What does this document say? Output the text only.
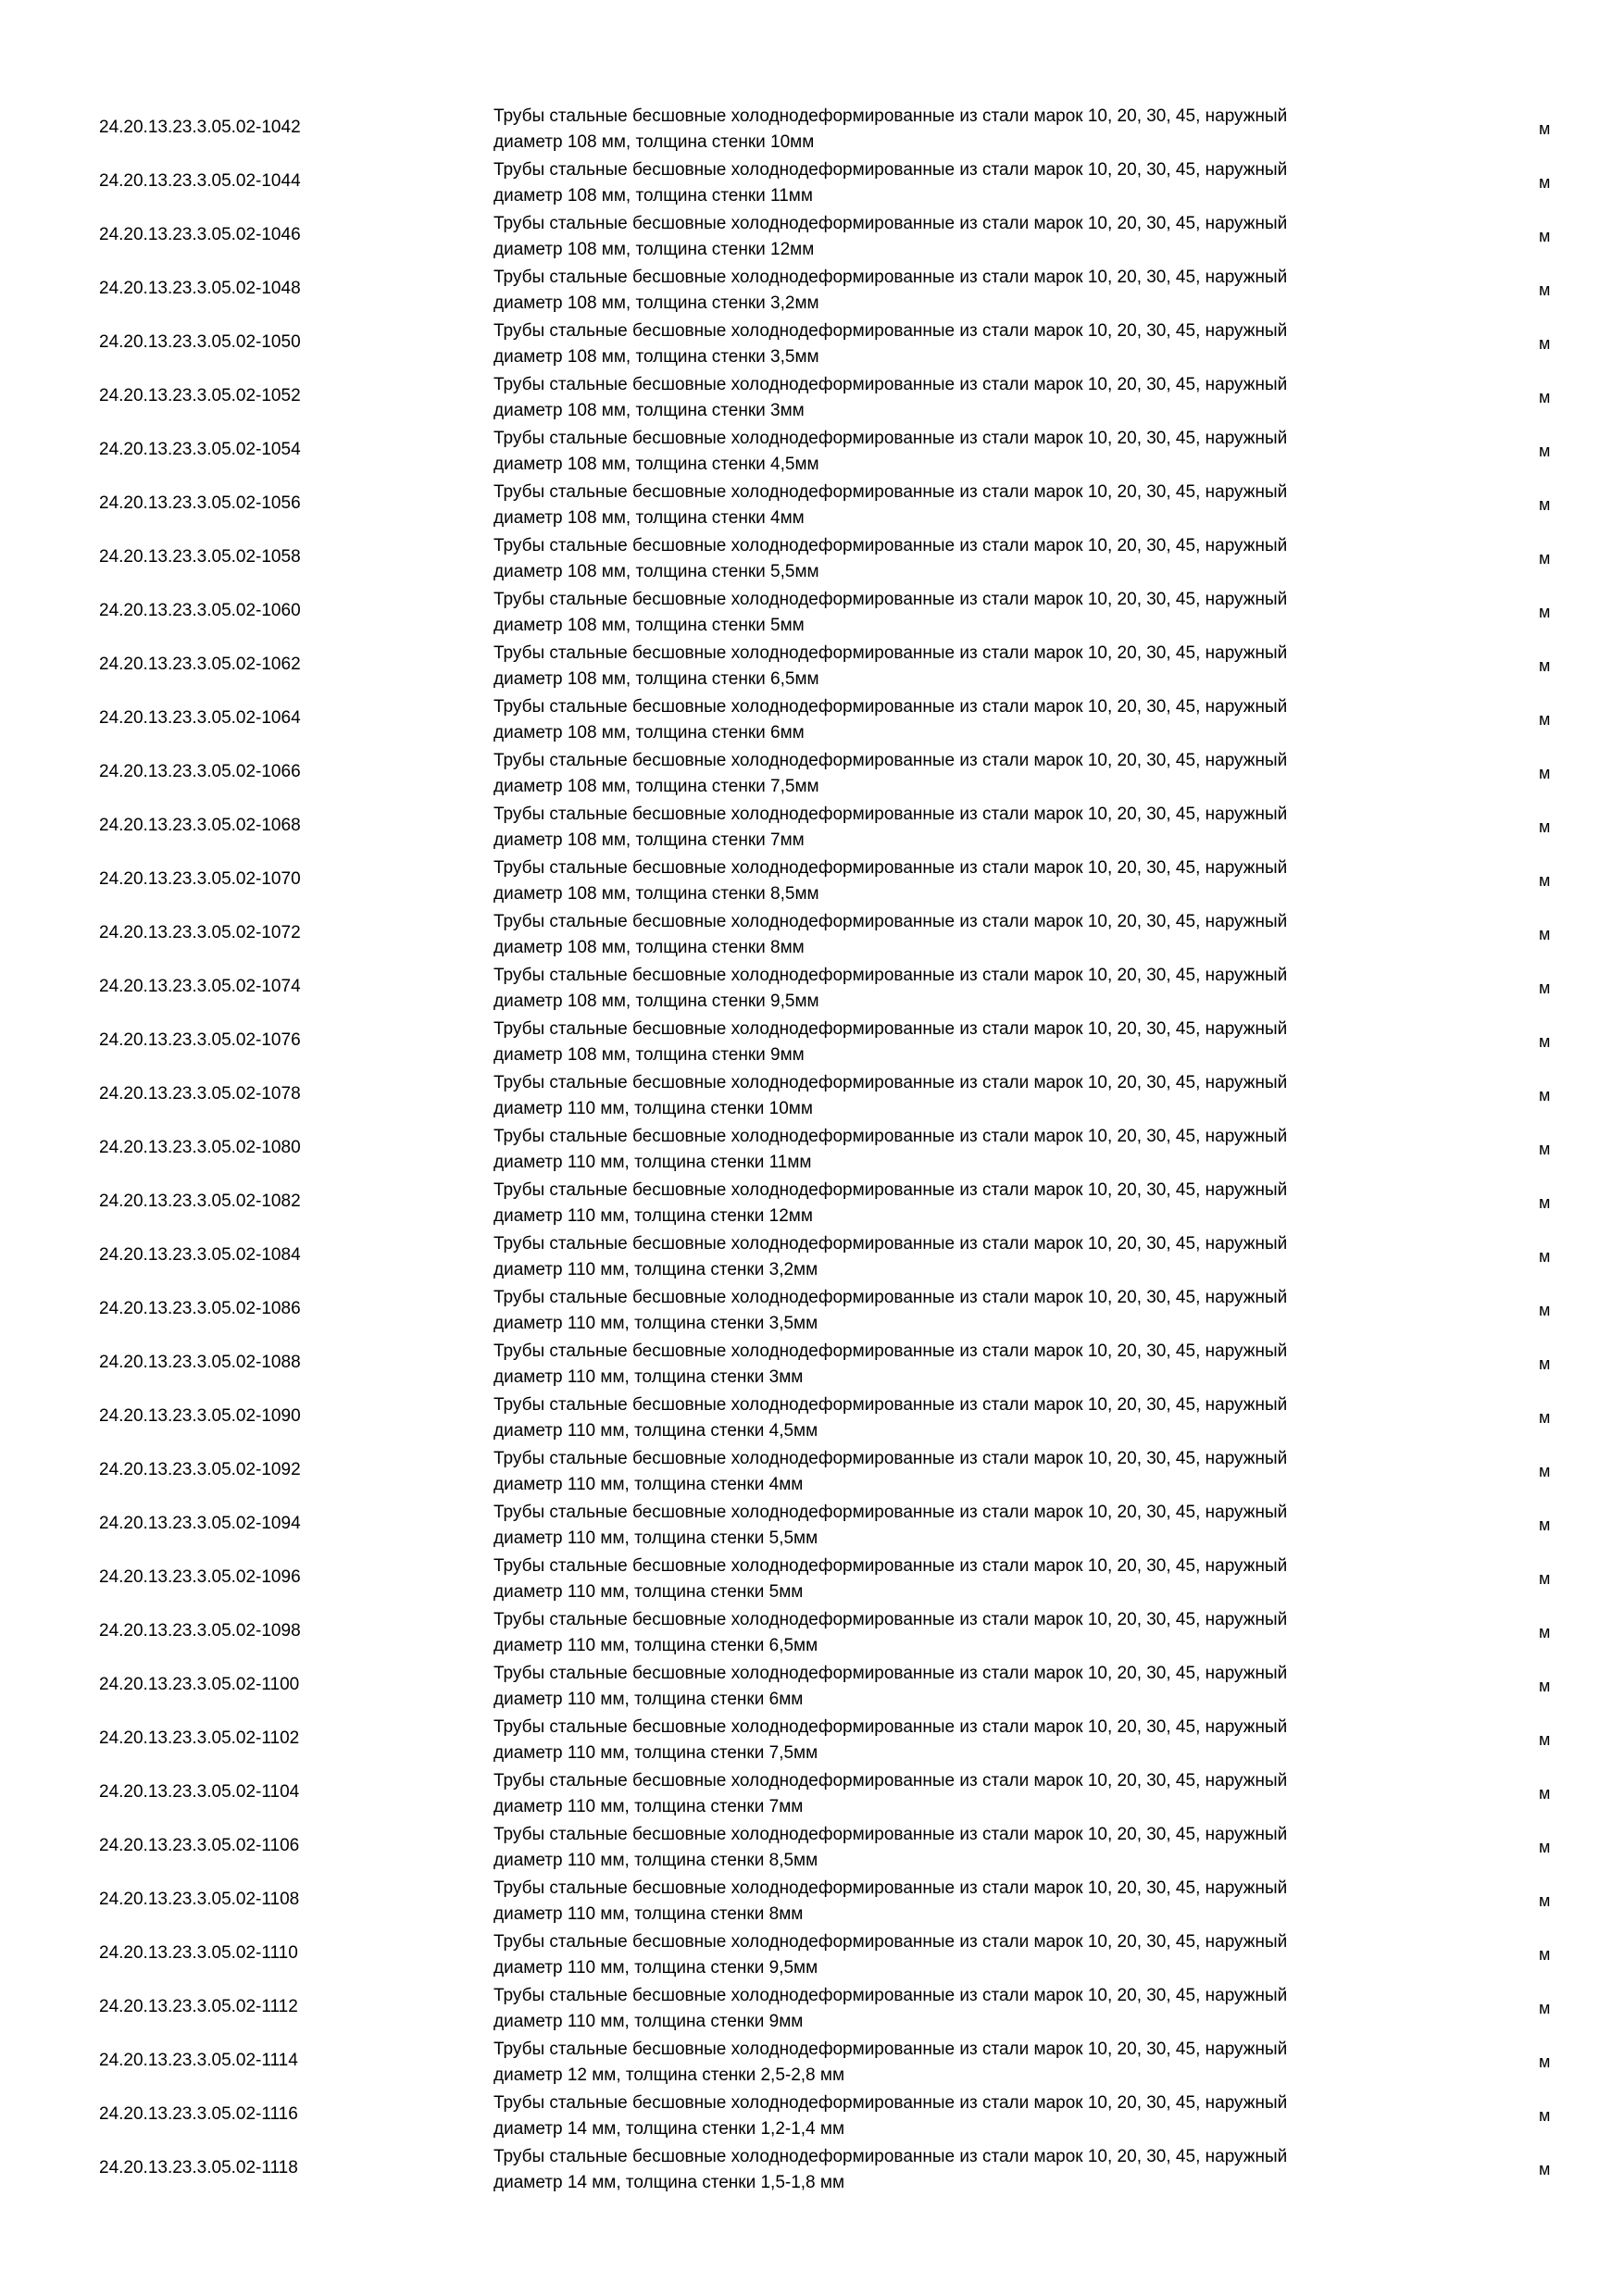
24.20.13.23.3.05.02-1042
Трубы стальные бесшовные холоднодеформированные из стали марок 10, 20, 30, 45, наружный
диаметр 108 мм, толщина стенки 10мм
м
24.20.13.23.3.05.02-1044
Трубы стальные бесшовные холоднодеформированные из стали марок 10, 20, 30, 45, наружный
диаметр 108 мм, толщина стенки 11мм
м
24.20.13.23.3.05.02-1046
Трубы стальные бесшовные холоднодеформированные из стали марок 10, 20, 30, 45, наружный
диаметр 108 мм, толщина стенки 12мм
м
24.20.13.23.3.05.02-1048
Трубы стальные бесшовные холоднодеформированные из стали марок 10, 20, 30, 45, наружный
диаметр 108 мм, толщина стенки 3,2мм
м
24.20.13.23.3.05.02-1050
Трубы стальные бесшовные холоднодеформированные из стали марок 10, 20, 30, 45, наружный
диаметр 108 мм, толщина стенки 3,5мм
м
24.20.13.23.3.05.02-1052
Трубы стальные бесшовные холоднодеформированные из стали марок 10, 20, 30, 45, наружный
диаметр 108 мм, толщина стенки 3мм
м
24.20.13.23.3.05.02-1054
Трубы стальные бесшовные холоднодеформированные из стали марок 10, 20, 30, 45, наружный
диаметр 108 мм, толщина стенки 4,5мм
м
24.20.13.23.3.05.02-1056
Трубы стальные бесшовные холоднодеформированные из стали марок 10, 20, 30, 45, наружный
диаметр 108 мм, толщина стенки 4мм
м
24.20.13.23.3.05.02-1058
Трубы стальные бесшовные холоднодеформированные из стали марок 10, 20, 30, 45, наружный
диаметр 108 мм, толщина стенки 5,5мм
м
24.20.13.23.3.05.02-1060
Трубы стальные бесшовные холоднодеформированные из стали марок 10, 20, 30, 45, наружный
диаметр 108 мм, толщина стенки 5мм
м
24.20.13.23.3.05.02-1062
Трубы стальные бесшовные холоднодеформированные из стали марок 10, 20, 30, 45, наружный
диаметр 108 мм, толщина стенки 6,5мм
м
24.20.13.23.3.05.02-1064
Трубы стальные бесшовные холоднодеформированные из стали марок 10, 20, 30, 45, наружный
диаметр 108 мм, толщина стенки 6мм
м
24.20.13.23.3.05.02-1066
Трубы стальные бесшовные холоднодеформированные из стали марок 10, 20, 30, 45, наружный
диаметр 108 мм, толщина стенки 7,5мм
м
24.20.13.23.3.05.02-1068
Трубы стальные бесшовные холоднодеформированные из стали марок 10, 20, 30, 45, наружный
диаметр 108 мм, толщина стенки 7мм
м
24.20.13.23.3.05.02-1070
Трубы стальные бесшовные холоднодеформированные из стали марок 10, 20, 30, 45, наружный
диаметр 108 мм, толщина стенки 8,5мм
м
24.20.13.23.3.05.02-1072
Трубы стальные бесшовные холоднодеформированные из стали марок 10, 20, 30, 45, наружный
диаметр 108 мм, толщина стенки 8мм
м
24.20.13.23.3.05.02-1074
Трубы стальные бесшовные холоднодеформированные из стали марок 10, 20, 30, 45, наружный
диаметр 108 мм, толщина стенки 9,5мм
м
24.20.13.23.3.05.02-1076
Трубы стальные бесшовные холоднодеформированные из стали марок 10, 20, 30, 45, наружный
диаметр 108 мм, толщина стенки 9мм
м
24.20.13.23.3.05.02-1078
Трубы стальные бесшовные холоднодеформированные из стали марок 10, 20, 30, 45, наружный
диаметр 110 мм, толщина стенки 10мм
м
24.20.13.23.3.05.02-1080
Трубы стальные бесшовные холоднодеформированные из стали марок 10, 20, 30, 45, наружный
диаметр 110 мм, толщина стенки 11мм
м
24.20.13.23.3.05.02-1082
Трубы стальные бесшовные холоднодеформированные из стали марок 10, 20, 30, 45, наружный
диаметр 110 мм, толщина стенки 12мм
м
24.20.13.23.3.05.02-1084
Трубы стальные бесшовные холоднодеформированные из стали марок 10, 20, 30, 45, наружный
диаметр 110 мм, толщина стенки 3,2мм
м
24.20.13.23.3.05.02-1086
Трубы стальные бесшовные холоднодеформированные из стали марок 10, 20, 30, 45, наружный
диаметр 110 мм, толщина стенки 3,5мм
м
24.20.13.23.3.05.02-1088
Трубы стальные бесшовные холоднодеформированные из стали марок 10, 20, 30, 45, наружный
диаметр 110 мм, толщина стенки 3мм
м
24.20.13.23.3.05.02-1090
Трубы стальные бесшовные холоднодеформированные из стали марок 10, 20, 30, 45, наружный
диаметр 110 мм, толщина стенки 4,5мм
м
24.20.13.23.3.05.02-1092
Трубы стальные бесшовные холоднодеформированные из стали марок 10, 20, 30, 45, наружный
диаметр 110 мм, толщина стенки 4мм
м
24.20.13.23.3.05.02-1094
Трубы стальные бесшовные холоднодеформированные из стали марок 10, 20, 30, 45, наружный
диаметр 110 мм, толщина стенки 5,5мм
м
24.20.13.23.3.05.02-1096
Трубы стальные бесшовные холоднодеформированные из стали марок 10, 20, 30, 45, наружный
диаметр 110 мм, толщина стенки 5мм
м
24.20.13.23.3.05.02-1098
Трубы стальные бесшовные холоднодеформированные из стали марок 10, 20, 30, 45, наружный
диаметр 110 мм, толщина стенки 6,5мм
м
24.20.13.23.3.05.02-1100
Трубы стальные бесшовные холоднодеформированные из стали марок 10, 20, 30, 45, наружный
диаметр 110 мм, толщина стенки 6мм
м
24.20.13.23.3.05.02-1102
Трубы стальные бесшовные холоднодеформированные из стали марок 10, 20, 30, 45, наружный
диаметр 110 мм, толщина стенки 7,5мм
м
24.20.13.23.3.05.02-1104
Трубы стальные бесшовные холоднодеформированные из стали марок 10, 20, 30, 45, наружный
диаметр 110 мм, толщина стенки 7мм
м
24.20.13.23.3.05.02-1106
Трубы стальные бесшовные холоднодеформированные из стали марок 10, 20, 30, 45, наружный
диаметр 110 мм, толщина стенки 8,5мм
м
24.20.13.23.3.05.02-1108
Трубы стальные бесшовные холоднодеформированные из стали марок 10, 20, 30, 45, наружный
диаметр 110 мм, толщина стенки 8мм
м
24.20.13.23.3.05.02-1110
Трубы стальные бесшовные холоднодеформированные из стали марок 10, 20, 30, 45, наружный
диаметр 110 мм, толщина стенки 9,5мм
м
24.20.13.23.3.05.02-1112
Трубы стальные бесшовные холоднодеформированные из стали марок 10, 20, 30, 45, наружный
диаметр 110 мм, толщина стенки 9мм
м
24.20.13.23.3.05.02-1114
Трубы стальные бесшовные холоднодеформированные из стали марок 10, 20, 30, 45, наружный
диаметр 12 мм, толщина стенки 2,5-2,8 мм
м
24.20.13.23.3.05.02-1116
Трубы стальные бесшовные холоднодеформированные из стали марок 10, 20, 30, 45, наружный
диаметр 14 мм, толщина стенки 1,2-1,4 мм
м
24.20.13.23.3.05.02-1118
Трубы стальные бесшовные холоднодеформированные из стали марок 10, 20, 30, 45, наружный
диаметр 14 мм, толщина стенки 1,5-1,8 мм
м
